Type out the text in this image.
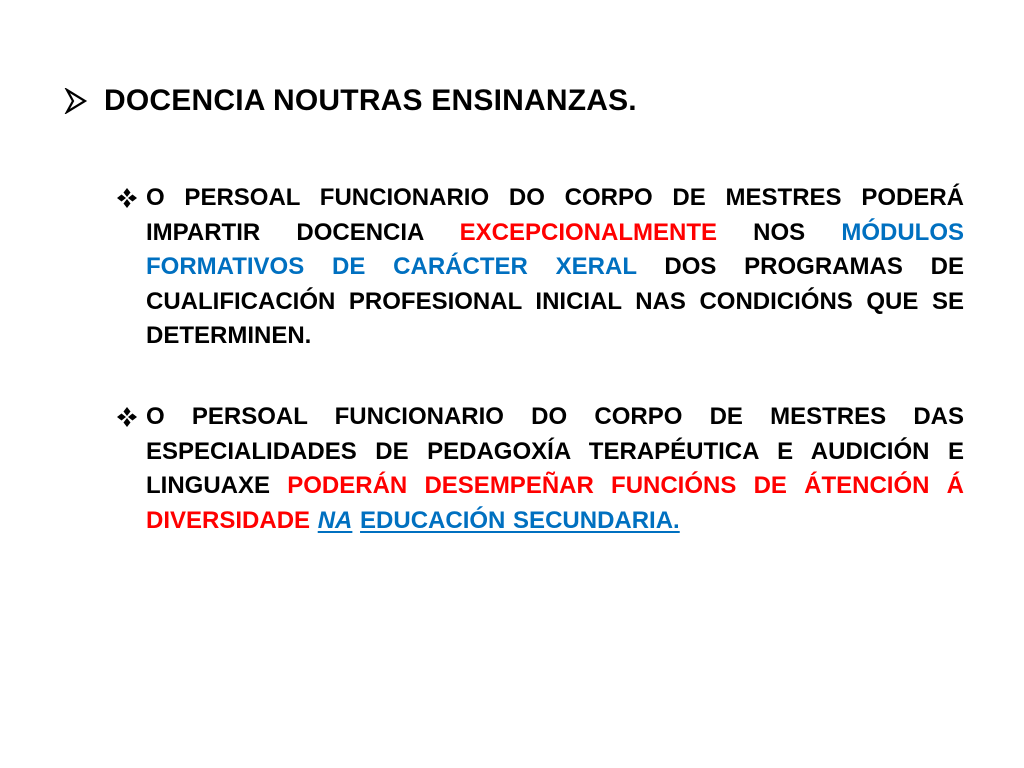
DOCENCIA NOUTRAS ENSINANZAS.
O PERSOAL FUNCIONARIO DO CORPO DE MESTRES PODERÁ IMPARTIR DOCENCIA EXCEPCIONALMENTE NOS MÓDULOS FORMATIVOS DE CARÁCTER XERAL DOS PROGRAMAS DE CUALIFICACIÓN PROFESIONAL INICIAL NAS CONDICIÓNS QUE SE DETERMINEN.
O PERSOAL FUNCIONARIO DO CORPO DE MESTRES DAS ESPECIALIDADES DE PEDAGOXÍA TERAPÉUTICA E AUDICIÓN E LINGUAXE PODERÁN DESEMPEÑAR FUNCIÓNS DE ÁTENCIÓN Á DIVERSIDADE NA EDUCACIÓN SECUNDARIA.
